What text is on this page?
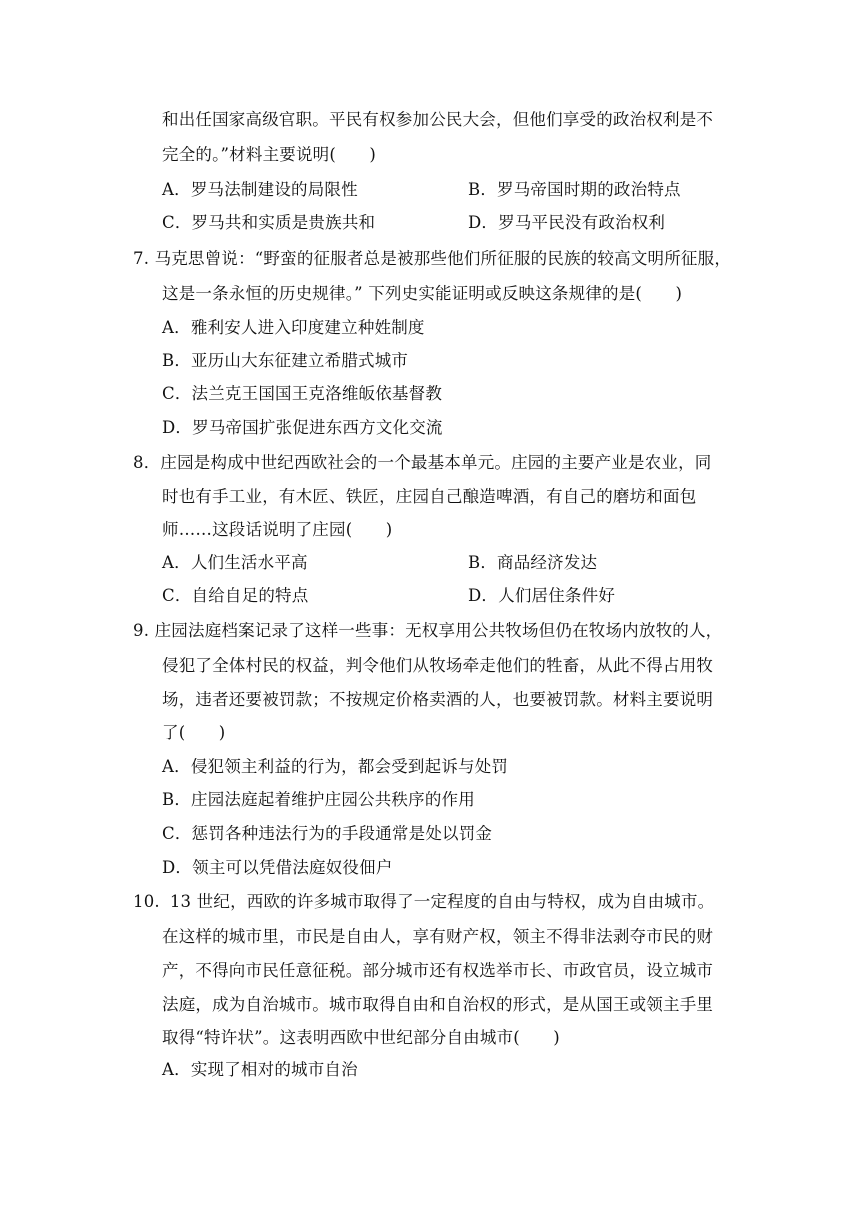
和出任国家高级官职。平民有权参加公民大会，但他们享受的政治权利是不
完全的。”材料主要说明(　　)
A．罗马法制建设的局限性	B．罗马帝国时期的政治特点
C．罗马共和实质是贵族共和	D．罗马平民没有政治权利
7. 马克思曾说：“野蛮的征服者总是被那些他们所征服的民族的较高文明所征服，
这是一条永恒的历史规律。” 下列史实能证明或反映这条规律的是(　　)
A．雅利安人进入印度建立种姓制度
B．亚历山大东征建立希腊式城市
C．法兰克王国国王克洛维皈依基督教
D．罗马帝国扩张促进东西方文化交流
8．庄园是构成中世纪西欧社会的一个最基本单元。庄园的主要产业是农业，同
时也有手工业，有木匠、铁匠，庄园自己酿造啤酒，有自己的磨坊和面包
师……这段话说明了庄园(　　)
A．人们生活水平高	B．商品经济发达
C．自给自足的特点	D．人们居住条件好
9. 庄园法庭档案记录了这样一些事：无权享用公共牧场但仍在牧场内放牧的人，
侵犯了全体村民的权益，判令他们从牧场牵走他们的牲畜，从此不得占用牧
场，违者还要被罚款；不按规定价格卖酒的人，也要被罚款。材料主要说明
了(　　)
A．侵犯领主利益的行为，都会受到起诉与处罚
B．庄园法庭起着维护庄园公共秩序的作用
C．惩罚各种违法行为的手段通常是处以罚金
D．领主可以凭借法庭奴役佃户
10. 13 世纪，西欧的许多城市取得了一定程度的自由与特权，成为自由城市。
在这样的城市里，市民是自由人，享有财产权，领主不得非法剥夺市民的财
产，不得向市民任意征税。部分城市还有权选举市长、市政官员，设立城市
法庭，成为自治城市。城市取得自由和自治权的形式，是从国王或领主手里
取得“特许状”。这表明西欧中世纪部分自由城市(　　)
A．实现了相对的城市自治
